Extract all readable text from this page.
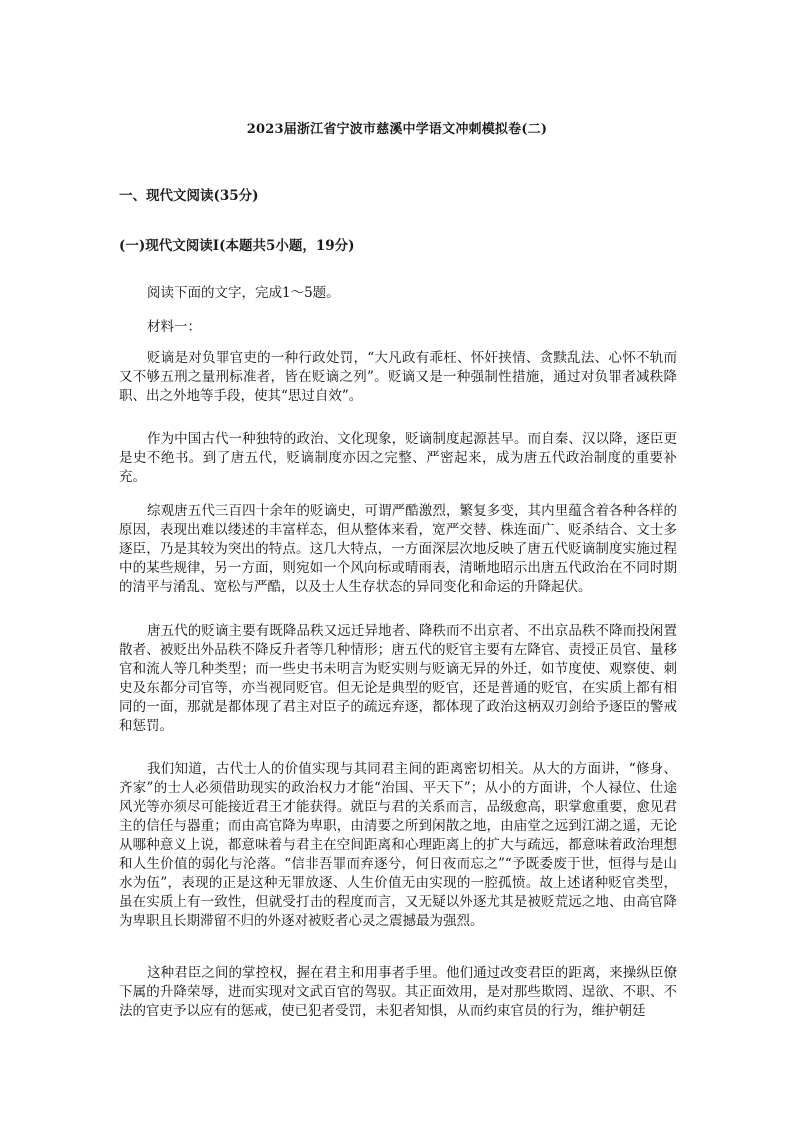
2023届浙江省宁波市慈溪中学语文冲刺模拟卷(二)
一、现代文阅读(35分)
(一)现代文阅读Ⅰ(本题共5小题，19分)

阅读下面的文字，完成1～5题。

材料一：

贬谪是对负罪官吏的一种行政处罚，“大凡政有乖枉、怀奸挟情、贪黩乱法、心怀不轨而又不够五刑之量刑标准者，皆在贬谪之列”。贬谪又是一种强制性措施，通过对负罪者减秩降职、出之外地等手段，使其“思过自效”。

作为中国古代一种独特的政治、文化现象，贬谪制度起源甚早。而自秦、汉以降，逐臣更是史不绝书。到了唐五代，贬谪制度亦因之完整、严密起来，成为唐五代政治制度的重要补充。

综观唐五代三百四十余年的贬谪史，可谓严酷激烈，繁复多变，其内里蕴含着各种各样的原因，表现出难以缕述的丰富样态，但从整体来看，宽严交替、株连面广、贬杀结合、文士多逐臣，乃是其较为突出的特点。这几大特点，一方面深层次地反映了唐五代贬谪制度实施过程中的某些规律，另一方面，则宛如一个风向标或晴雨表，清晰地昭示出唐五代政治在不同时期的清平与淆乱、宽松与严酷，以及士人生存状态的异同变化和命运的升降起伏。

唐五代的贬谪主要有既降品秩又远迁异地者、降秩而不出京者、不出京品秩不降而投闲置散者、被贬出外品秩不降反升者等几种情形；唐五代的贬官主要有左降官、责授正员官、量移官和流人等几种类型；而一些史书未明言为贬实则与贬谪无异的外迁，如节度使、观察使、刺史及东都分司官等，亦当视同贬官。但无论是典型的贬官，还是普通的贬官，在实质上都有相同的一面，那就是都体现了君主对臣子的疏远弃逐，都体现了政治这柄双刃剑给予逐臣的警戒和惩罚。

我们知道，古代士人的价值实现与其同君主间的距离密切相关。从大的方面讲，“修身、齐家”的士人必须借助现实的政治权力才能“治国、平天下”；从小的方面讲，个人禄位、仕途风光等亦须尽可能接近君王才能获得。就臣与君的关系而言，品级愈高，职掌愈重要，愈见君主的信任与器重；而由高官降为卑职，由清要之所到闲散之地，由庙堂之远到江湖之遥，无论从哪种意义上说，都意味着与君主在空间距离和心理距离上的扩大与疏远，都意味着政治理想和人生价值的弱化与沦落。“信非吾罪而弃逐兮，何日夜而忘之”“予既委废于世，恒得与是山水为伍”，表现的正是这种无罪放逐、人生价值无由实现的一腔孤愤。故上述诸种贬官类型，虽在实质上有一致性，但就受打击的程度而言，又无疑以外逐尤其是被贬荒远之地、由高官降为卑职且长期滞留不归的外逐对被贬者心灵之震撼最为强烈。

这种君臣之间的掌控权，握在君主和用事者手里。他们通过改变君臣的距离，来操纵臣僚下属的升降荣辱，进而实现对文武百官的驾驭。其正面效用，是对那些欺罔、逞欲、不职、不法的官吏予以应有的惩戒，使已犯者受罚，未犯者知惧，从而约束官员的行为，维护朝廷
